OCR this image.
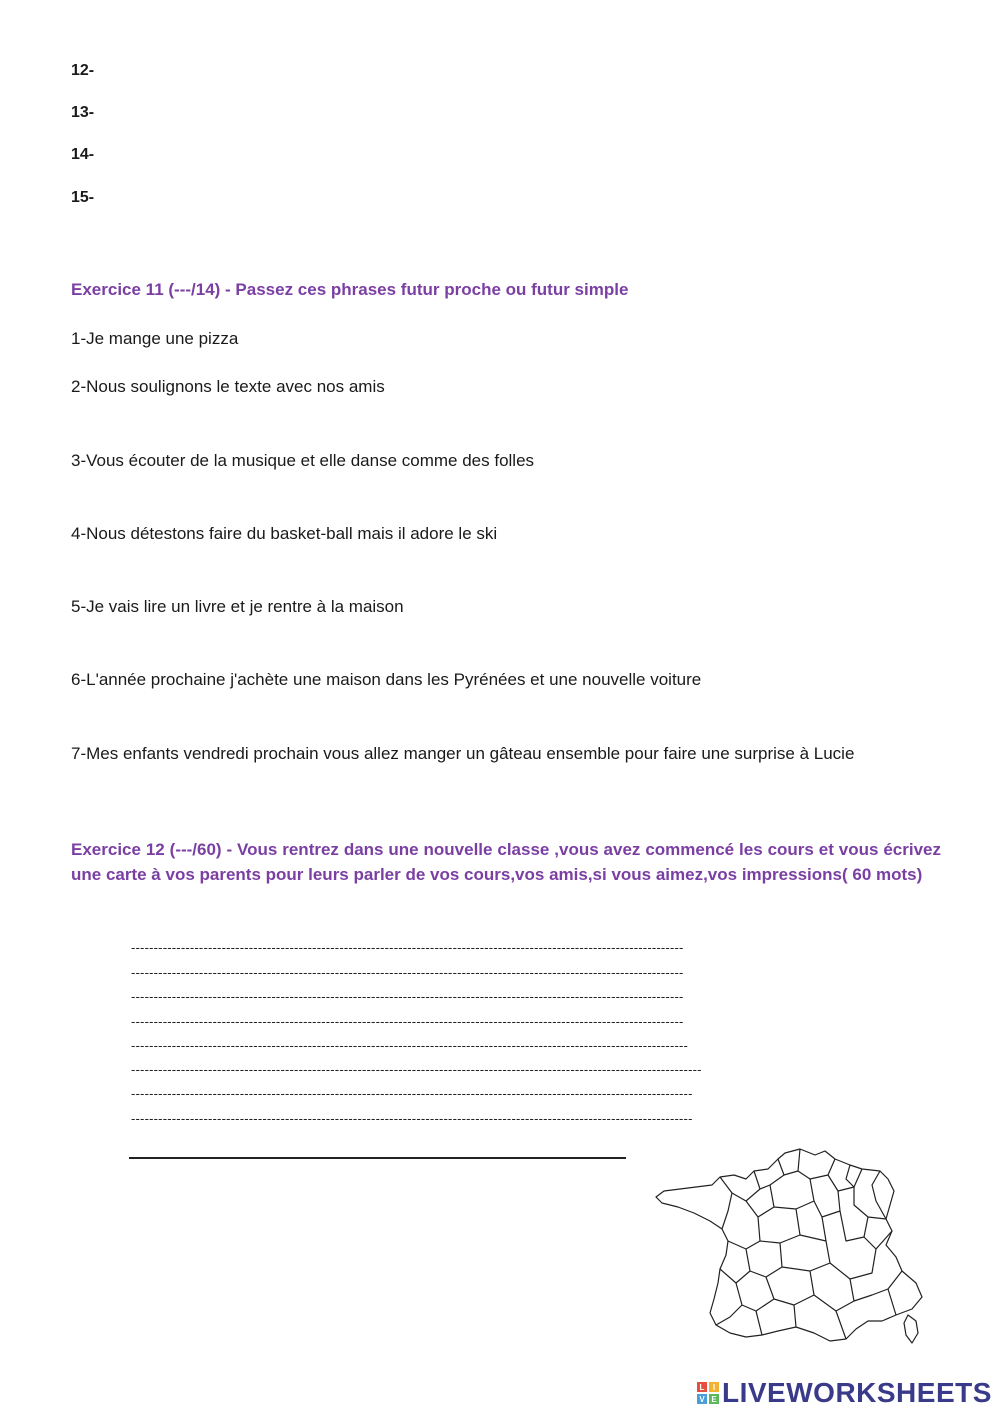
12-
13-
14-
15-
Exercice 11 (---/14) - Passez ces phrases futur proche ou futur simple
1-Je mange une pizza
2-Nous soulignons le texte avec nos amis
3-Vous écouter de la musique et elle danse comme des folles
4-Nous détestons faire du basket-ball mais il adore le ski
5-Je vais lire un livre et je rentre à la maison
6-L'année prochaine j'achète une maison dans les Pyrénées et une nouvelle voiture
7-Mes enfants vendredi prochain vous allez manger un gâteau ensemble pour faire une surprise à Lucie
Exercice 12 (---/60) - Vous rentrez dans une nouvelle classe ,vous avez commencé les cours et vous écrivez une carte à vos parents pour leurs parler de vos cours,vos amis,si vous aimez,vos impressions( 60 mots)
--------------------------------------------------------------------------------------------------------------------------
--------------------------------------------------------------------------------------------------------------------------
--------------------------------------------------------------------------------------------------------------------------
--------------------------------------------------------------------------------------------------------------------------
---------------------------------------------------------------------------------------------------------------------------
------------------------------------------------------------------------------------------------------------------------------
----------------------------------------------------------------------------------------------------------------------------
----------------------------------------------------------------------------------------------------------------------------
L	I
V E LIVEWORKSHEETS
